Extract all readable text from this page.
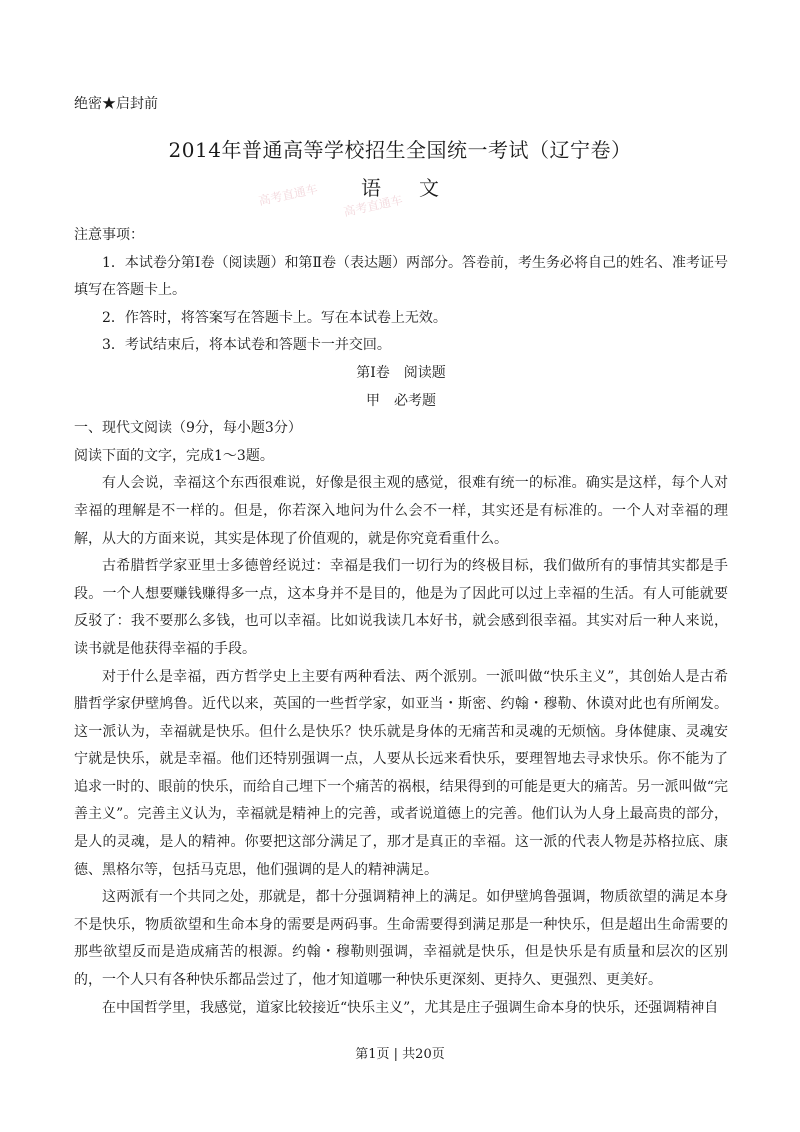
绝密★启封前
2014年普通高等学校招生全国统一考试（辽宁卷）
高考直通车 高考直通车
语文

注意事项：

1．本试卷分第Ⅰ卷（阅读题）和第Ⅱ卷（表达题）两部分。答卷前，考生务必将自己的姓名、准考证号填写在答题卡上。

2．作答时，将答案写在答题卡上。写在本试卷上无效。

3．考试结束后，将本试卷和答题卡一并交回。

第Ⅰ卷　阅读题

甲　必考题

一、现代文阅读（9分，每小题3分）

阅读下面的文字，完成1～3题。

有人会说，幸福这个东西很难说，好像是很主观的感觉，很难有统一的标准。确实是这样，每个人对幸福的理解是不一样的。但是，你若深入地问为什么会不一样，其实还是有标准的。一个人对幸福的理解，从大的方面来说，其实是体现了价值观的，就是你究竟看重什么。

古希腊哲学家亚里士多德曾经说过：幸福是我们一切行为的终极目标，我们做所有的事情其实都是手段。一个人想要赚钱赚得多一点，这本身并不是目的，他是为了因此可以过上幸福的生活。有人可能就要反驳了：我不要那么多钱，也可以幸福。比如说我读几本好书，就会感到很幸福。其实对后一种人来说，读书就是他获得幸福的手段。

对于什么是幸福，西方哲学史上主要有两种看法、两个派别。一派叫做“快乐主义”，其创始人是古希腊哲学家伊壁鸠鲁。近代以来，英国的一些哲学家，如亚当・斯密、约翰・穆勒、休谟对此也有所阐发。这一派认为，幸福就是快乐。但什么是快乐？快乐就是身体的无痛苦和灵魂的无烦恼。身体健康、灵魂安宁就是快乐，就是幸福。他们还特别强调一点，人要从长远来看快乐，要理智地去寻求快乐。你不能为了追求一时的、眼前的快乐，而给自己埋下一个痛苦的祸根，结果得到的可能是更大的痛苦。另一派叫做“完善主义”。完善主义认为，幸福就是精神上的完善，或者说道德上的完善。他们认为人身上最高贵的部分，是人的灵魂，是人的精神。你要把这部分满足了，那才是真正的幸福。这一派的代表人物是苏格拉底、康德、黑格尔等，包括马克思，他们强调的是人的精神满足。

这两派有一个共同之处，那就是，都十分强调精神上的满足。如伊壁鸠鲁强调，物质欲望的满足本身不是快乐，物质欲望和生命本身的需要是两码事。生命需要得到满足那是一种快乐，但是超出生命需要的那些欲望反而是造成痛苦的根源。约翰・穆勒则强调，幸福就是快乐，但是快乐是有质量和层次的区别的，一个人只有各种快乐都品尝过了，他才知道哪一种快乐更深刻、更持久、更强烈、更美好。

在中国哲学里，我感觉，道家比较接近“快乐主义”，尤其是庄子强调生命本身的快乐，还强调精神自

第1页 | 共20页
